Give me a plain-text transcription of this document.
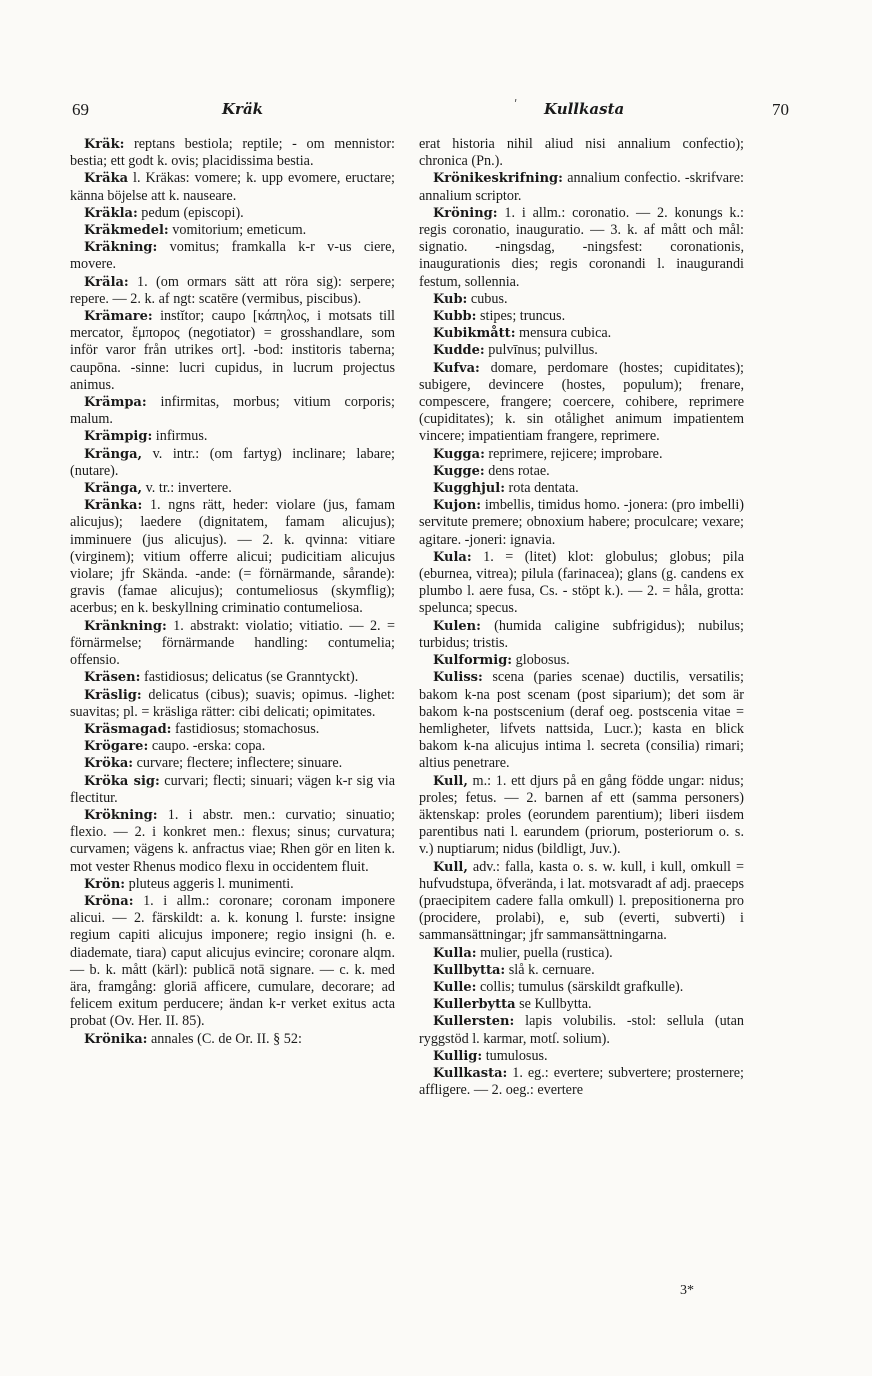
69	Kräk	ʹ Kullkasta	70

Kräk: reptans bestiola; reptile; - om mennistor: bestia; ett godt k. ovis; placidissima bestia.

Kräka l. Kräkas: vomere; k. upp evomere, eructare; känna böjelse att k. nauseare.

Kräkla: pedum (episcopi).

Kräkmedel: vomitorium; emeticum.

Kräkning: vomitus; framkalla k-r v-us ciere, movere.

Kräla: 1. (om ormars sätt att röra sig): serpere; repere. — 2. k. af ngt: scatēre (vermibus, piscibus).

Krämare: instĭtor; caupo [κάπηλος, i motsats till mercator, ἔμπορος (negotiator) = grosshandlare, som inför varor från utrikes ort]. -bod: institoris taberna; caupōna. -sinne: lucri cupidus, in lucrum projectus animus.

Krämpa: infirmitas, morbus; vitium corporis; malum.

Krämpig: infirmus.

Kränga, v. intr.: (om fartyg) inclinare; labare; (nutare).

Kränga, v. tr.: invertere.

Kränka: 1. ngns rätt, heder: violare (jus, famam alicujus); laedere (dignitatem, famam alicujus); imminuere (jus alicujus). — 2. k. qvinna: vitiare (virginem); vitium offerre alicui; pudicitiam alicujus violare; jfr Skända. -ande: (= förnärmande, sårande): gravis (famae alicujus); contumeliosus (skymflig); acerbus; en k. beskyllning criminatio contumeliosa.

Kränkning: 1. abstrakt: violatio; vitiatio. — 2. = förnärmelse; förnärmande handling: contumelia; offensio.

Kräsen: fastidiosus; delicatus (se Granntyckt).

Kräslig: delicatus (cibus); suavis; opimus. -lighet: suavitas; pl. = kräsliga rätter: cibi delicati; opimitates.

Kräsmagad: fastidiosus; stomachosus.

Krögare: caupo. -erska: copa.

Kröka: curvare; flectere; inflectere; sinuare.

Kröka sig: curvari; flecti; sinuari; vägen k-r sig via flectitur.

Krökning: 1. i abstr. men.: curvatio; sinuatio; flexio. — 2. i konkret men.: flexus; sinus; curvatura; curvamen; vägens k. anfractus viae; Rhen gör en liten k. mot vester Rhenus modico flexu in occidentem fluit.

Krön: pluteus aggeris l. munimenti.

Kröna: 1. i allm.: coronare; coronam imponere alicui. — 2. färskildt: a. k. konung l. furste: insigne regium capiti alicujus imponere; regio insigni (h. e. diademate, tiara) caput alicujus evincire; coronare alqm. — b. k. mått (kärl): publicā notā signare. — c. k. med ära, framgång: gloriā afficere, cumulare, decorare; ad felicem exitum perducere; ändan k-r verket exitus acta probat (Ov. Her. II. 85).

Krönika: annales (C. de Or. II. § 52:

erat historia nihil aliud nisi annalium confectio); chronica (Pn.).

Krönikeskrifning: annalium confectio. -skrifvare: annalium scriptor.

Kröning: 1. i allm.: coronatio. — 2. konungs k.: regis coronatio, inauguratio. — 3. k. af mått och mål: signatio. -ningsdag, -ningsfest: coronationis, inaugurationis dies; regis coronandi l. inaugurandi festum, sollennia.

Kub: cubus.

Kubb: stipes; truncus.

Kubikmått: mensura cubica.

Kudde: pulvīnus; pulvillus.

Kufva: domare, perdomare (hostes; cupiditates); subigere, devincere (hostes, populum); frenare, compescere, frangere; coercere, cohibere, reprimere (cupiditates); k. sin otålighet animum impatientem vincere; impatientiam frangere, reprimere.

Kugga: reprimere, rejicere; improbare.

Kugge: dens rotae.

Kugghjul: rota dentata.

Kujon: imbellis, timidus homo. -jonera: (pro imbelli) servitute premere; obnoxium habere; proculcare; vexare; agitare. -joneri: ignavia.

Kula: 1. = (litet) klot: globulus; globus; pila (eburnea, vitrea); pilula (farinacea); glans (g. candens ex plumbo l. aere fusa, Cs. - stöpt k.). — 2. = håla, grotta: spelunca; specus.

Kulen: (humida caligine subfrigidus); nubilus; turbidus; tristis.

Kulformig: globosus.

Kuliss: scena (paries scenae) ductilis, versatilis; bakom k-na post scenam (post siparium); det som är bakom k-na postscenium (deraf oeg. postscenia vitae = hemligheter, lifvets nattsida, Lucr.); kasta en blick bakom k-na alicujus intima l. secreta (consilia) rimari; altius penetrare.

Kull, m.: 1. ett djurs på en gång födde ungar: nidus; proles; fetus. — 2. barnen af ett (samma personers) äktenskap: proles (eorundem parentium); liberi iisdem parentibus nati l. earundem (priorum, posteriorum o. s. v.) nuptiarum; nidus (bildligt, Juv.).

Kull, adv.: falla, kasta o. s. w. kull, i kull, omkull = hufvudstupa, öfverända, i lat. motsvaradt af adj. praeceps (praecipitem cadere falla omkull) l. prepositionerna pro (procidere, prolabi), e, sub (everti, subverti) i sammansättningar; jfr sammansättningarna.

Kulla: mulier, puella (rustica).

Kullbytta: slå k. cernuare.

Kulle: collis; tumulus (särskildt grafkulle).

Kullerbytta se Kullbytta.

Kullersten: lapis volubilis. -stol: sellula (utan ryggstöd l. karmar, motſ. solium).

Kullig: tumulosus.

Kullkasta: 1. eg.: evertere; subvertere; prosternere; affligere. — 2. oeg.: evertere

3*
